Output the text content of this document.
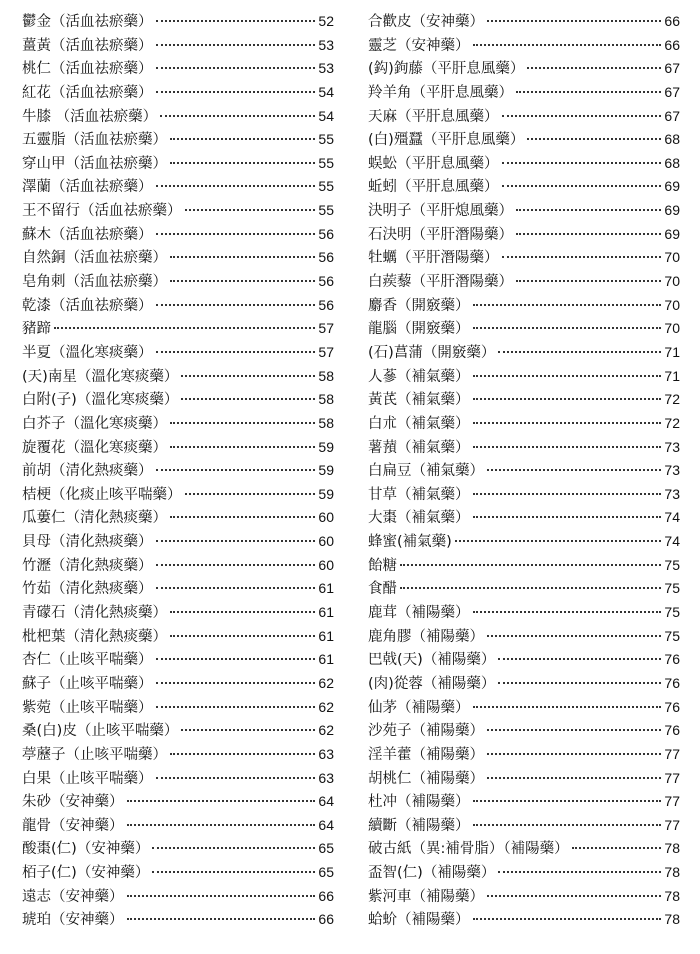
鬱金（活血祛瘀藥）	52
薑黃（活血祛瘀藥）	53
桃仁（活血祛瘀藥）	53
紅花（活血祛瘀藥）	54
牛膝 （活血祛瘀藥）	54
五靈脂（活血祛瘀藥）	55
穿山甲（活血祛瘀藥）	55
澤蘭（活血祛瘀藥）	55
王不留行（活血祛瘀藥）	55
蘇木（活血祛瘀藥）	56
自然銅（活血祛瘀藥）	56
皂角刺（活血祛瘀藥）	56
乾漆（活血祛瘀藥）	56
豬蹄	57
半夏（溫化寒痰藥）	57
(天)南星（溫化寒痰藥）	58
白附(子)（溫化寒痰藥）	58
白芥子（溫化寒痰藥）	58
旋覆花（溫化寒痰藥）	59
前胡（清化熱痰藥）	59
桔梗（化痰止咳平喘藥）	59
瓜蔞仁（清化熱痰藥）	60
貝母（清化熱痰藥）	60
竹瀝（清化熱痰藥）	60
竹茹（清化熱痰藥）	61
青礞石（清化熱痰藥）	61
枇杷葉（清化熱痰藥）	61
杏仁（止咳平喘藥）	61
蘇子（止咳平喘藥）	62
紫菀（止咳平喘藥）	62
桑(白)皮（止咳平喘藥）	62
葶藶子（止咳平喘藥）	63
白果（止咳平喘藥）	63
朱砂（安神藥）	64
龍骨（安神藥）	64
酸棗(仁)（安神藥）	65
栢子(仁)（安神藥）	65
遠志（安神藥）	66
琥珀（安神藥）	66
合歡皮（安神藥）	66
靈芝（安神藥）	66
(鈎)鉤藤（平肝息風藥）	67
羚羊角（平肝息風藥）	67
天麻（平肝息風藥）	67
(白)殭蠶（平肝息風藥）	68
蜈蚣（平肝息風藥）	68
蚯蚓（平肝息風藥）	69
決明子（平肝熄風藥）	69
石決明（平肝潛陽藥）	69
牡蠣（平肝潛陽藥）	70
白蒺藜（平肝潛陽藥）	70
麝香（開竅藥）	70
龍腦（開竅藥）	70
(石)菖蒲（開竅藥）	71
人蔘（補氣藥）	71
黃芪（補氣藥）	72
白朮（補氣藥）	72
薯蕷（補氣藥）	73
白扁豆（補氣藥）	73
甘草（補氣藥）	73
大棗（補氣藥）	74
蜂蜜(補氣藥)	74
飴糖	75
食醋	75
鹿茸（補陽藥）	75
鹿角膠（補陽藥）	75
巴戟(天)（補陽藥）	76
(肉)從蓉（補陽藥）	76
仙茅（補陽藥）	76
沙苑子（補陽藥）	76
淫羊藿（補陽藥）	77
胡桃仁（補陽藥）	77
杜冲（補陽藥）	77
續斷（補陽藥）	77
破古紙（異:補骨脂）（補陽藥）	78
盃智(仁)（補陽藥）	78
紫河車（補陽藥）	78
蛤蚧（補陽藥）	78
